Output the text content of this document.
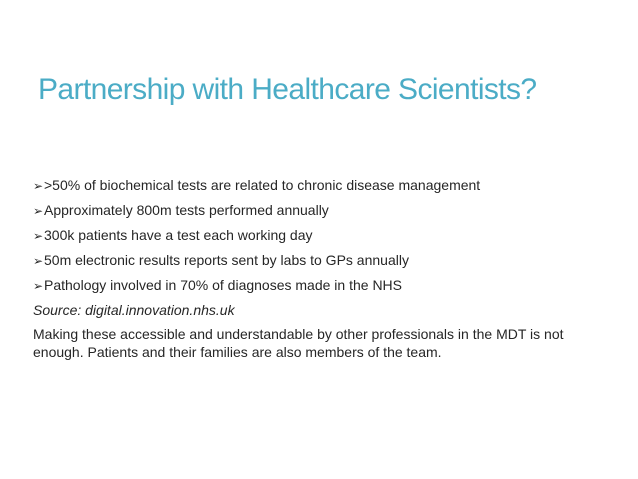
Partnership with Healthcare Scientists?
➢ >50% of biochemical tests are related to chronic disease management
➢ Approximately 800m tests performed annually
➢ 300k patients have a test each working day
➢ 50m electronic results reports sent by labs to GPs annually
➢ Pathology involved in 70% of diagnoses made in the NHS
Source: digital.innovation.nhs.uk
Making these accessible and understandable by other professionals in the MDT is not enough. Patients and their families are also members of the team.
